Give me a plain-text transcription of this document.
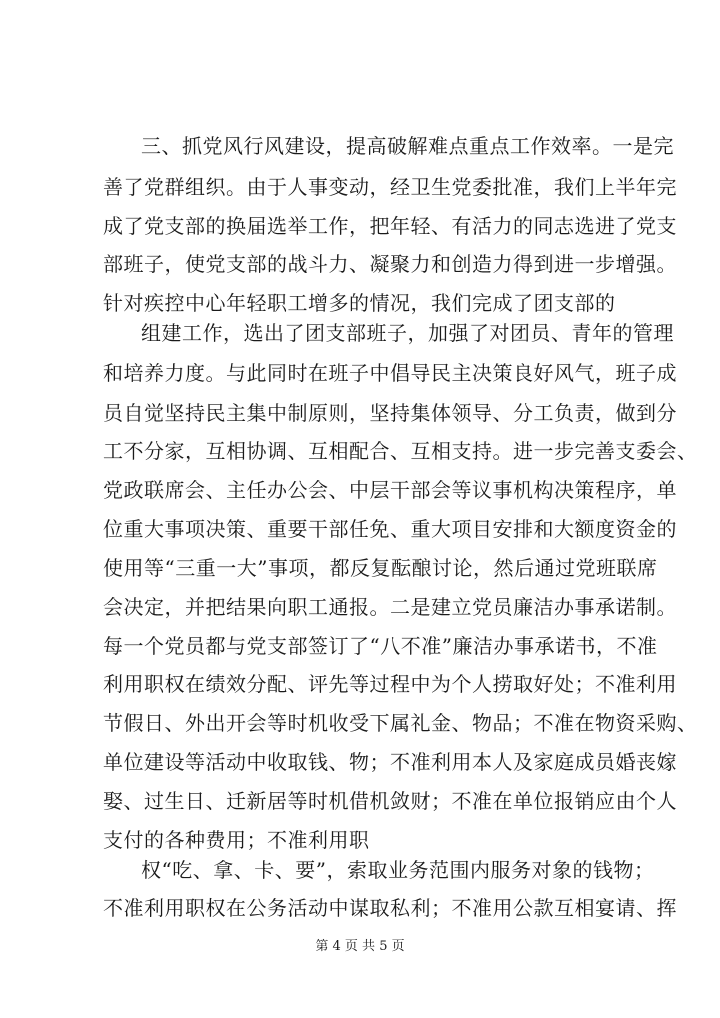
三、抓党风行风建设，提高破解难点重点工作效率。一是完
善了党群组织。由于人事变动，经卫生党委批准，我们上半年完
成了党支部的换届选举工作，把年轻、有活力的同志选进了党支
部班子，使党支部的战斗力、凝聚力和创造力得到进一步增强。
针对疾控中心年轻职工增多的情况，我们完成了团支部的
组建工作，选出了团支部班子，加强了对团员、青年的管理
和培养力度。与此同时在班子中倡导民主决策良好风气，班子成
员自觉坚持民主集中制原则，坚持集体领导、分工负责，做到分
工不分家，互相协调、互相配合、互相支持。进一步完善支委会、
党政联席会、主任办公会、中层干部会等议事机构决策程序，单
位重大事项决策、重要干部任免、重大项目安排和大额度资金的
使用等“三重一大”事项，都反复酝酿讨论，然后通过党班联席
会决定，并把结果向职工通报。二是建立党员廉洁办事承诺制。
每一个党员都与党支部签订了“八不准”廉洁办事承诺书，不准
利用职权在绩效分配、评先等过程中为个人捞取好处；不准利用
节假日、外出开会等时机收受下属礼金、物品；不准在物资采购、
单位建设等活动中收取钱、物；不准利用本人及家庭成员婚丧嫁
娶、过生日、迁新居等时机借机敛财；不准在单位报销应由个人
支付的各种费用；不准利用职
权“吃、拿、卡、要”，索取业务范围内服务对象的钱物；
不准利用职权在公务活动中谋取私利；不准用公款互相宴请、挥
第 4 页 共 5 页
